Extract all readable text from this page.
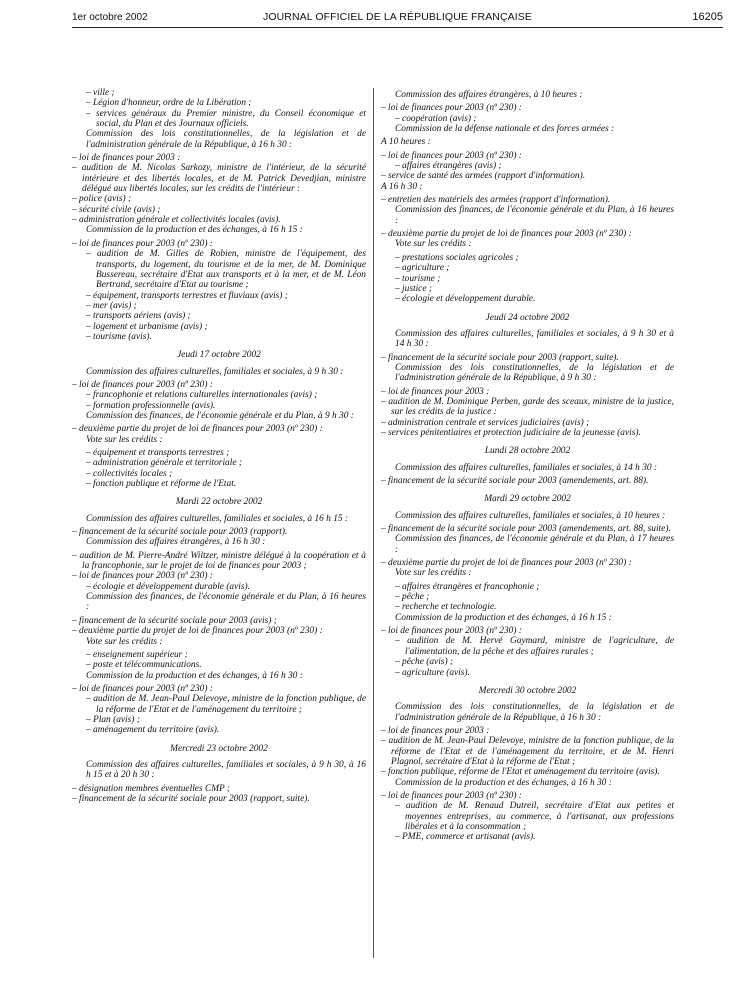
1er octobre 2002	JOURNAL OFFICIEL DE LA RÉPUBLIQUE FRANÇAISE	16205
– ville ;
– Légion d'honneur, ordre de la Libération ;
– services généraux du Premier ministre, du Conseil économique et social, du Plan et des Journaux officiels.
Commission des lois constitutionnelles, de la législation et de l'administration générale de la République, à 16 h 30 :
– loi de finances pour 2003 :
– audition de M. Nicolas Sarkozy, ministre de l'intérieur, de la sécurité intérieure et des libertés locales, et de M. Patrick Devedjian, ministre délégué aux libertés locales, sur les crédits de l'intérieur :
– police (avis) ;
– sécurité civile (avis) ;
– administration générale et collectivités locales (avis).
Commission de la production et des échanges, à 16 h 15 :
– loi de finances pour 2003 (nº 230) :
– audition de M. Gilles de Robien, ministre de l'équipement, des transports, du logement, du tourisme et de la mer, de M. Dominique Bussereau, secrétaire d'Etat aux transports et à la mer, et de M. Léon Bertrand, secrétaire d'Etat au tourisme ;
– équipement, transports terrestres et fluviaux (avis) ;
– mer (avis) ;
– transports aériens (avis) ;
– logement et urbanisme (avis) ;
– tourisme (avis).
Jeudi 17 octobre 2002
Commission des affaires culturelles, familiales et sociales, à 9 h 30 :
– loi de finances pour 2003 (nº 230) :
– francophonie et relations culturelles internationales (avis) ;
– formation professionnelle (avis).
Commission des finances, de l'économie générale et du Plan, à 9 h 30 :
– deuxième partie du projet de loi de finances pour 2003 (nº 230) :
Vote sur les crédits :
– équipement et transports terrestres ;
– administration générale et territoriale ;
– collectivités locales ;
– fonction publique et réforme de l'Etat.
Mardi 22 octobre 2002
Commission des affaires culturelles, familiales et sociales, à 16 h 15 :
– financement de la sécurité sociale pour 2003 (rapport).
Commission des affaires étrangères, à 16 h 30 :
– audition de M. Pierre-André Wiltzer, ministre délégué à la coopération et à la francophonie, sur le projet de loi de finances pour 2003 ;
– loi de finances pour 2003 (nº 230) :
– écologie et développement durable (avis).
Commission des finances, de l'économie générale et du Plan, à 16 heures :
– financement de la sécurité sociale pour 2003 (avis) ;
– deuxième partie du projet de loi de finances pour 2003 (nº 230) :
Vote sur les crédits :
– enseignement supérieur ;
– poste et télécommunications.
Commission de la production et des échanges, à 16 h 30 :
– loi de finances pour 2003 (nº 230) :
– audition de M. Jean-Paul Delevoye, ministre de la fonction publique, de la réforme de l'Etat et de l'aménagement du territoire ;
– Plan (avis) ;
– aménagement du territoire (avis).
Mercredi 23 octobre 2002
Commission des affaires culturelles, familiales et sociales, à 9 h 30, à 16 h 15 et à 20 h 30 :
– désignation membres éventuelles CMP ;
– financement de la sécurité sociale pour 2003 (rapport, suite).
Commission des affaires étrangères, à 10 heures :
– loi de finances pour 2003 (nº 230) :
– coopération (avis) ;
Commission de la défense nationale et des forces armées :
A 10 heures :
– loi de finances pour 2003 (nº 230) :
– affaires étrangères (avis) ;
– service de santé des armées (rapport d'information).
A 16 h 30 :
– entretien des matériels des armées (rapport d'information).
Commission des finances, de l'économie générale et du Plan, à 16 heures :
– deuxième partie du projet de loi de finances pour 2003 (nº 230) :
Vote sur les crédits :
– prestations sociales agricoles ;
– agriculture ;
– tourisme ;
– justice ;
– écologie et développement durable.
Jeudi 24 octobre 2002
Commission des affaires culturelles, familiales et sociales, à 9 h 30 et à 14 h 30 :
– financement de la sécurité sociale pour 2003 (rapport, suite).
Commission des lois constitutionnelles, de la législation et de l'administration générale de la République, à 9 h 30 :
– loi de finances pour 2003 :
– audition de M. Dominique Perben, garde des sceaux, ministre de la justice, sur les crédits de la justice :
– administration centrale et services judiciaires (avis) ;
– services pénitentiaires et protection judiciaire de la jeunesse (avis).
Lundi 28 octobre 2002
Commission des affaires culturelles, familiales et sociales, à 14 h 30 :
– financement de la sécurité sociale pour 2003 (amendements, art. 88).
Mardi 29 octobre 2002
Commission des affaires culturelles, familiales et sociales, à 10 heures :
– financement de la sécurité sociale pour 2003 (amendements, art. 88, suite).
Commission des finances, de l'économie générale et du Plan, à 17 heures :
– deuxième partie du projet de loi de finances pour 2003 (nº 230) :
Vote sur les crédits :
– affaires étrangères et francophonie ;
– pêche ;
– recherche et technologie.
Commission de la production et des échanges, à 16 h 15 :
– loi de finances pour 2003 (nº 230) :
– audition de M. Hervé Gaymard, ministre de l'agriculture, de l'alimentation, de la pêche et des affaires rurales ;
– pêche (avis) ;
– agriculture (avis).
Mercredi 30 octobre 2002
Commission des lois constitutionnelles, de la législation et de l'administration générale de la République, à 16 h 30 :
– loi de finances pour 2003 :
– audition de M. Jean-Paul Delevoye, ministre de la fonction publique, de la réforme de l'Etat et de l'aménagement du territoire, et de M. Henri Plagnol, secrétaire d'Etat à la réforme de l'Etat ;
– fonction publique, réforme de l'Etat et aménagement du territoire (avis).
Commission de la production et des échanges, à 16 h 30 :
– loi de finances pour 2003 (nº 230) :
– audition de M. Renaud Dutreil, secrétaire d'Etat aux petites et moyennes entreprises, au commerce, à l'artisanat, aux professions libérales et à la consommation ;
– PME, commerce et artisanat (avis).
